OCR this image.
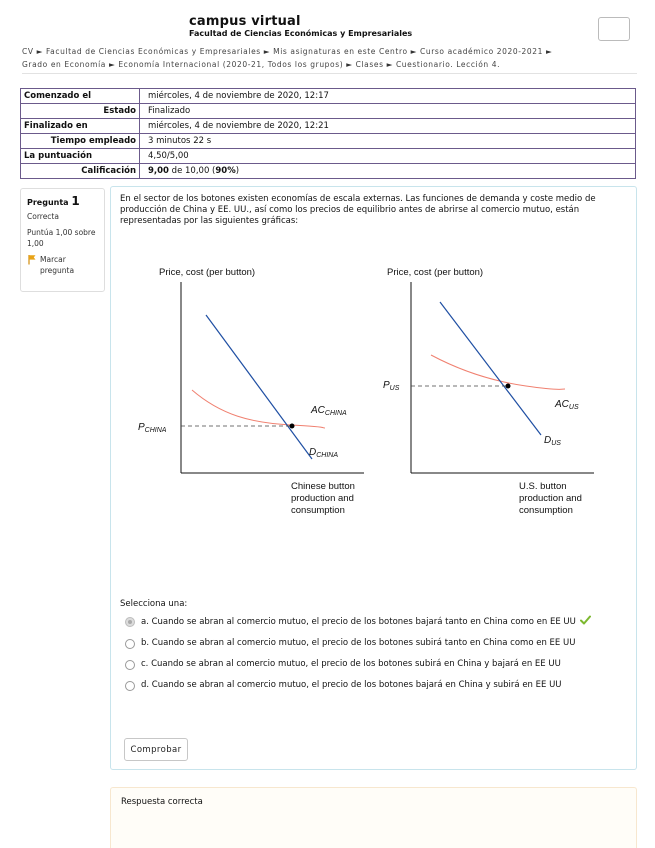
campus virtual
Facultad de Ciencias Económicas y Empresariales
CV ► Facultad de Ciencias Económicas y Empresariales ► Mis asignaturas en este Centro ► Curso académico 2020-2021 ►
Grado en Economía ► Economía Internacional (2020-21, Todos los grupos) ► Clases ► Cuestionario. Lección 4.
Comenzado el	miércoles, 4 de noviembre de 2020, 12:17
Estado	Finalizado
Finalizado en	miércoles, 4 de noviembre de 2020, 12:21
Tiempo empleado	3 minutos 22 s
La puntuación	4,50/5,00
Calificación	9,00 de 10,00 (90%)
Pregunta 1
Correcta
Puntúa 1,00 sobre 1,00
Marcar pregunta
En el sector de los botones existen economías de escala externas. Las funciones de demanda y coste medio de producción de China y EE. UU., así como los precios de equilibrio antes de abrirse al comercio mutuo, están representadas por las siguientes gráficas:
Price, cost (per button)
$P_{CHINA}$
$AC_{CHINA}$
$D_{CHINA}$
Chinese button production and consumption
Price, cost (per button)
$P_{US}$
$AC_{US}$
$D_{US}$
U.S. button production and consumption
Selecciona una:
a. Cuando se abran al comercio mutuo, el precio de los botones bajará tanto en China como en EE UU
b. Cuando se abran al comercio mutuo, el precio de los botones subirá tanto en China como en EE UU
c. Cuando se abran al comercio mutuo, el precio de los botones subirá en China y bajará en EE UU
d. Cuando se abran al comercio mutuo, el precio de los botones bajará en China y subirá en EE UU
Comprobar
Respuesta correcta
